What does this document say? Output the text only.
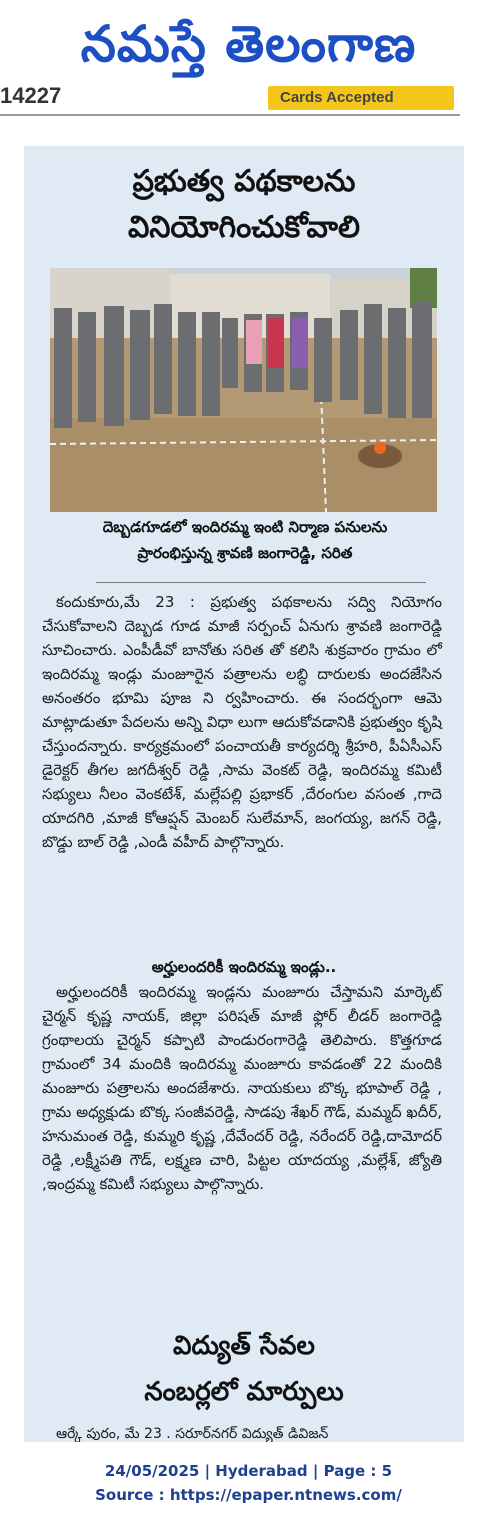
నమస్తే తెలంగాణ
14227	Cards Accepted
ప్రభుత్వ పథకాలను
వినియోగించుకోవాలి
దెబ్బడగూడలో ఇందిరమ్మ ఇంటి నిర్మాణ పనులను
ప్రారంభిస్తున్న శ్రావణి జంగారెడ్డి, సరిత
కందుకూరు,మే 23 : ప్రభుత్వ పథకాలను సద్వి నియోగం చేసుకోవాలని దెబ్బడ గూడ మాజీ సర్పంచ్ ఏనుగు శ్రావణి జంగారెడ్డి సూచించారు. ఎంపీడీవో బానోతు సరిత తో కలిసి శుక్రవారం గ్రామం లో ఇందిరమ్మ ఇండ్లు మంజూరైన పత్రాలను లబ్ధి దారులకు అందజేసిన అనంతరం భూమి పూజ ని ర్వహించారు. ఈ సందర్భంగా ఆమె మాట్లాడుతూ పేదలను అన్ని విధా లుగా ఆదుకోవడానికి ప్రభుత్వం కృషి చేస్తుందన్నారు. కార్యక్రమంలో పంచాయతీ కార్యదర్శి శ్రీహరి, పీఏసీఎస్ డైరెక్టర్ తీగల జగదీశ్వర్ రెడ్డి ,సామ వెంకట్ రెడ్డి, ఇందిరమ్మ కమిటీ సభ్యులు నీలం వెంకటేశ్, మల్లేపల్లి ప్రభాకర్ ,దేరంగుల వసంత ,గాదె యాదగిరి ,మాజీ కోఆప్షన్ మెంబర్ సులేమాన్, జంగయ్య, జగన్ రెడ్డి, బొడ్డు బాల్ రెడ్డి ,ఎండీ వహీద్ పాల్గొన్నారు.
అర్హులందరికీ ఇందిరమ్మ ఇండ్లు..
అర్హులందరికీ ఇందిరమ్మ ఇండ్లను మంజూరు చేస్తామని మార్కెట్ చైర్మన్ కృష్ణ నాయక్, జిల్లా పరిషత్ మాజీ ఫ్లోర్ లీడర్ జంగారెడ్డి గ్రంథాలయ చైర్మన్ కప్పాటి పాండురంగారెడ్డి తెలిపారు. కొత్తగూడ గ్రామంలో 34 మందికి ఇందిరమ్మ మంజూరు కావడంతో 22 మందికి మంజూరు పత్రాలను అందజేశారు. నాయకులు బొక్క భూపాల్ రెడ్డి , గ్రామ అధ్యక్షుడు బొక్క సంజీవరెడ్డి, సాడపు శేఖర్ గౌడ్, మమ్మద్ ఖదీర్, హనుమంత రెడ్డి, కుమ్మరి కృష్ణ ,దేవేందర్ రెడ్డి, నరేందర్ రెడ్డి,దామోదర్ రెడ్డి ,లక్ష్మీపతి గౌడ్, లక్ష్మణ చారి, పిట్టల యాదయ్య ,మల్లేశ్, జ్యోతి ,ఇంద్రమ్మ కమిటీ సభ్యులు పాల్గొన్నారు.
విద్యుత్ సేవల
నంబర్లలో మార్పులు
ఆర్కే పురం, మే 23 . సరూర్‌నగర్ విద్యుత్ డివిజన్
24/05/2025 | Hyderabad | Page : 5
Source : https://epaper.ntnews.com/
